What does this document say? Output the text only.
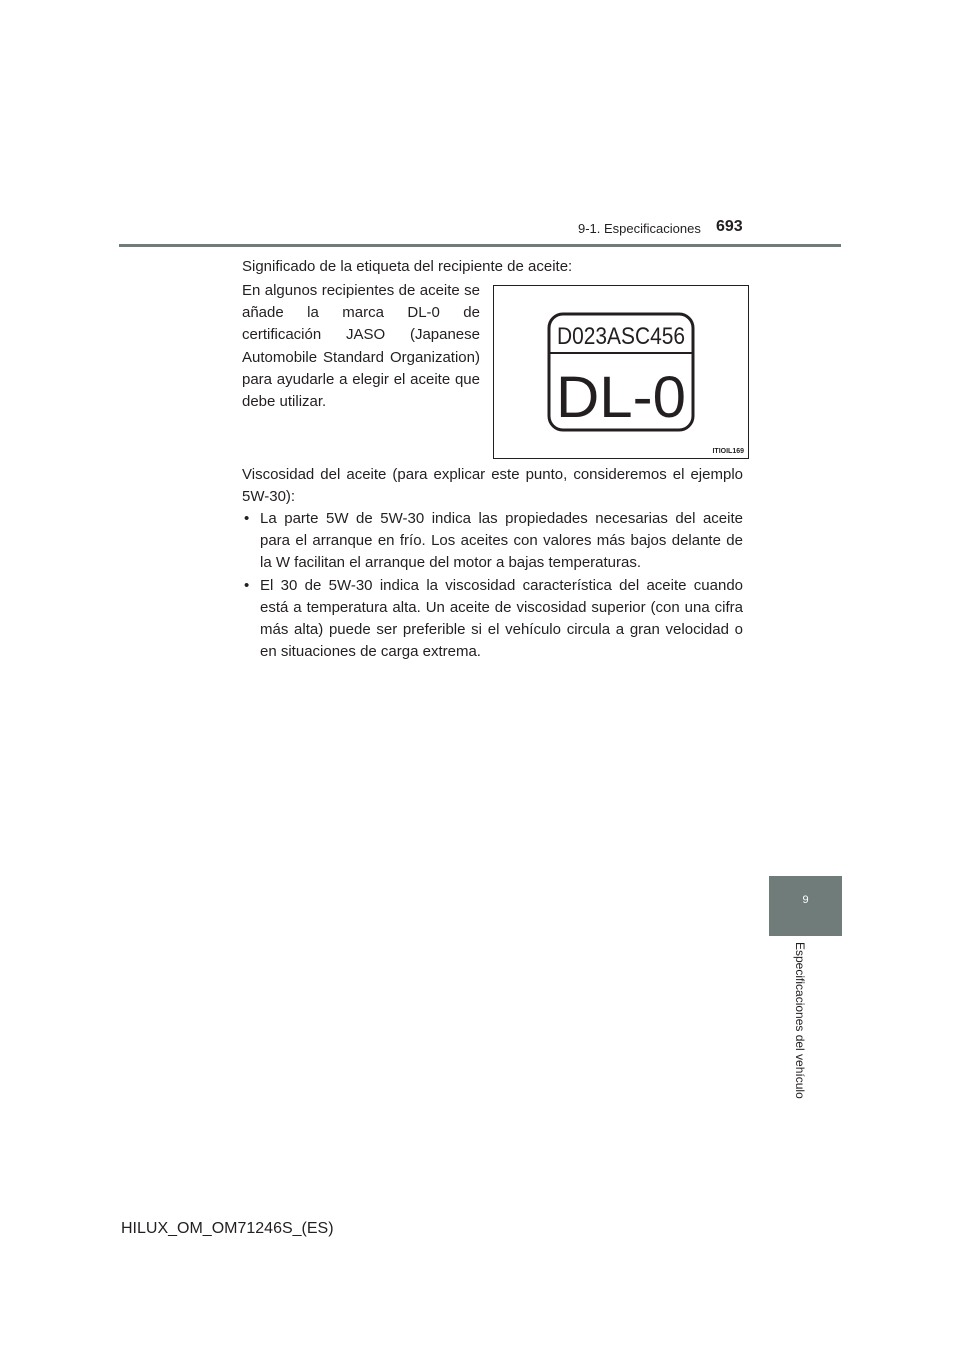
9-1. Especificaciones 693
Significado de la etiqueta del recipiente de aceite:
En algunos recipientes de aceite se añade la marca DL-0 de certificación JASO (Japanese Automobile Standard Organization) para ayudarle a elegir el aceite que debe utilizar.
D023ASC456
DL-0
ITIOIL169
Viscosidad del aceite (para explicar este punto, consideremos el ejemplo 5W-30):
• La parte 5W de 5W-30 indica las propiedades necesarias del aceite para el arranque en frío. Los aceites con valores más bajos delante de la W facilitan el arranque del motor a bajas temperaturas.
• El 30 de 5W-30 indica la viscosidad característica del aceite cuando está a temperatura alta. Un aceite de viscosidad superior (con una cifra más alta) puede ser preferible si el vehículo circula a gran velocidad o en situaciones de carga extrema.
9
Especificaciones del vehículo
HILUX_OM_OM71246S_(ES)
